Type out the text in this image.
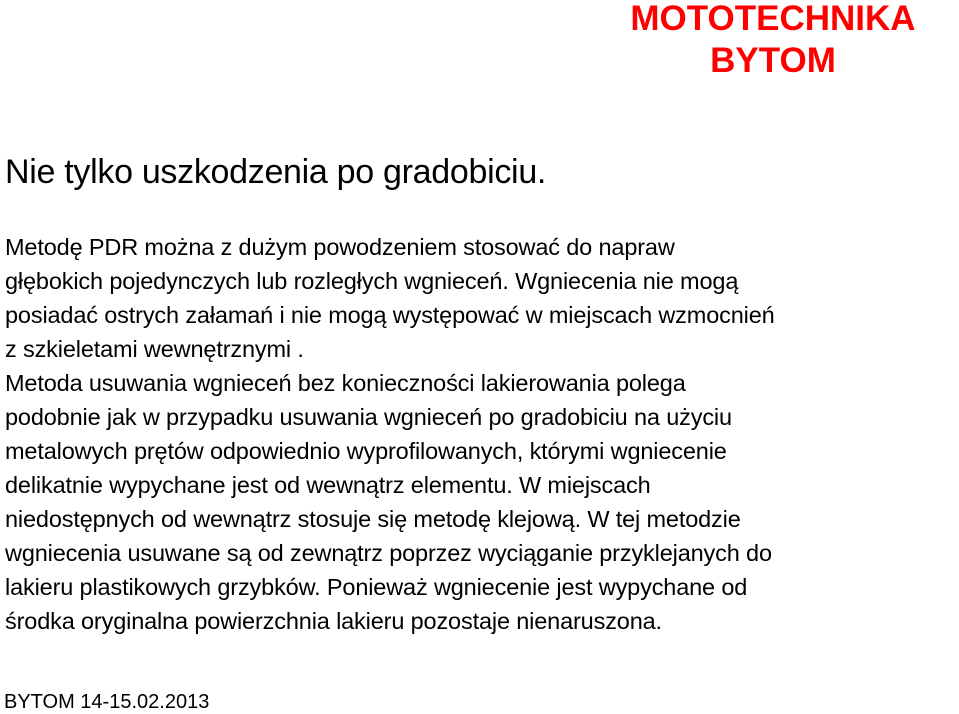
MOTOTECHNIKA
BYTOM
Nie tylko uszkodzenia po gradobiciu.
Metodę PDR można z dużym powodzeniem stosować do napraw
głębokich pojedynczych lub rozległych wgnieceń. Wgniecenia nie mogą
posiadać ostrych załamań i nie mogą występować w miejscach wzmocnień
z szkieletami wewnętrznymi .
Metoda usuwania wgnieceń bez konieczności lakierowania polega
podobnie jak w przypadku usuwania wgnieceń po gradobiciu na użyciu
metalowych prętów odpowiednio wyprofilowanych, którymi wgniecenie
delikatnie wypychane jest od wewnątrz elementu. W miejscach
niedostępnych od wewnątrz stosuje się metodę klejową. W tej metodzie
wgniecenia usuwane są od zewnątrz poprzez wyciąganie przyklejanych do
lakieru plastikowych grzybków. Ponieważ wgniecenie jest wypychane od
środka oryginalna powierzchnia lakieru pozostaje nienaruszona.
BYTOM 14-15.02.2013
